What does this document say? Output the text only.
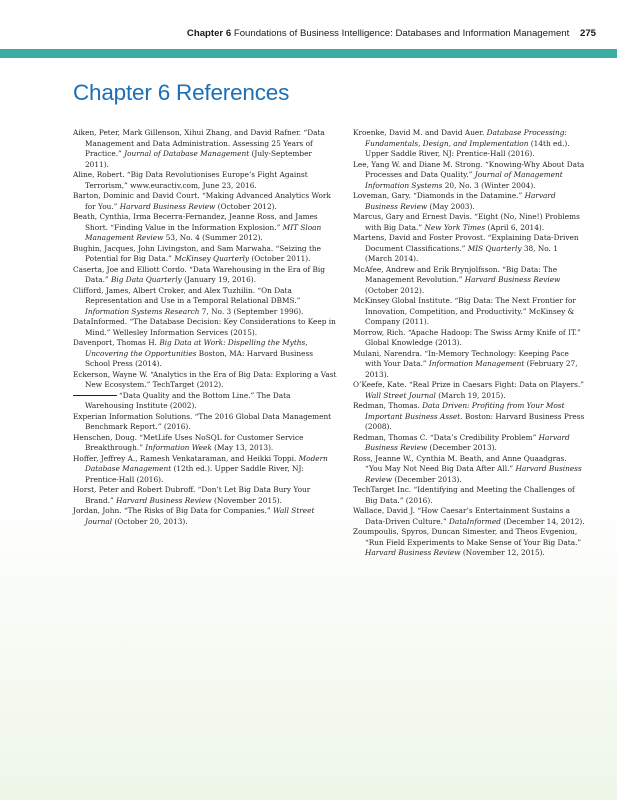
Chapter 6 Foundations of Business Intelligence: Databases and Information Management 275
Chapter 6 References

Aiken, Peter, Mark Gillenson, Xihui Zhang, and David Rafner. “Data Management and Data Administration. Assessing 25 Years of Practice.” Journal of Database Management (July-September 2011).

Aline, Robert. “Big Data Revolutionises Europe’s Fight Against Terrorism,” www.euractiv.com, June 23, 2016.

Barton, Dominic and David Court. “Making Advanced Analytics Work for You.” Harvard Business Review (October 2012).

Beath, Cynthia, Irma Becerra-Fernandez, Jeanne Ross, and James Short. “Finding Value in the Information Explosion.” MIT Sloan Management Review 53, No. 4 (Summer 2012).

Bughin, Jacques, John Livingston, and Sam Marwaha. “Seizing the Potential for Big Data.” McKinsey Quarterly (October 2011).

Caserta, Joe and Elliott Cordo. “Data Warehousing in the Era of Big Data.” Big Data Quarterly (January 19, 2016).

Clifford, James, Albert Croker, and Alex Tuzhilin. “On Data Representation and Use in a Temporal Relational DBMS.” Information Systems Research 7, No. 3 (September 1996).

DataInformed. “The Database Decision: Key Considerations to Keep in Mind.” Wellesley Information Services (2015).

Davenport, Thomas H. Big Data at Work: Dispelling the Myths, Uncovering the Opportunities Boston, MA: Harvard Business School Press (2014).

Eckerson, Wayne W. “Analytics in the Era of Big Data: Exploring a Vast New Ecosystem.” TechTarget (2012).

“Data Quality and the Bottom Line.” The Data Warehousing Institute (2002).

Experian Information Solutions. “The 2016 Global Data Management Benchmark Report.” (2016).

Henschen, Doug. “MetLife Uses NoSQL for Customer Service Breakthrough.” Information Week (May 13, 2013).

Hoffer, Jeffrey A., Ramesh Venkataraman, and Heikki Toppi. Modern Database Management (12th ed.). Upper Saddle River, NJ: Prentice-Hall (2016).

Horst, Peter and Robert Dubroff. “Don’t Let Big Data Bury Your Brand.” Harvard Business Review (November 2015).

Jordan, John. “The Risks of Big Data for Companies.” Wall Street Journal (October 20, 2013).

Kroenke, David M. and David Auer. Database Processing: Fundamentals, Design, and Implementation (14th ed.). Upper Saddle River, NJ: Prentice-Hall (2016).

Lee, Yang W. and Diane M. Strong. “Knowing-Why About Data Processes and Data Quality.” Journal of Management Information Systems 20, No. 3 (Winter 2004).

Loveman, Gary. “Diamonds in the Datamine.” Harvard Business Review (May 2003).

Marcus, Gary and Ernest Davis. “Eight (No, Nine!) Problems with Big Data.” New York Times (April 6, 2014).

Martens, David and Foster Provost. “Explaining Data-Driven Document Classifications.” MIS Quarterly 38, No. 1 (March 2014).

McAfee, Andrew and Erik Brynjolfsson. “Big Data: The Management Revolution.” Harvard Business Review (October 2012).

McKinsey Global Institute. “Big Data: The Next Frontier for Innovation, Competition, and Productivity.” McKinsey & Company (2011).

Morrow, Rich. “Apache Hadoop: The Swiss Army Knife of IT.” Global Knowledge (2013).

Mulani, Narendra. “In-Memory Technology: Keeping Pace with Your Data.” Information Management (February 27, 2013).

O’Keefe, Kate. “Real Prize in Caesars Fight: Data on Players.” Wall Street Journal (March 19, 2015).

Redman, Thomas. Data Driven: Profiting from Your Most Important Business Asset. Boston: Harvard Business Press (2008).

Redman, Thomas C. “Data’s Credibility Problem” Harvard Business Review (December 2013).

Ross, Jeanne W., Cynthia M. Beath, and Anne Quaadgras. “You May Not Need Big Data After All.” Harvard Business Review (December 2013).

TechTarget Inc. “Identifying and Meeting the Challenges of Big Data.” (2016).

Wallace, David J. “How Caesar’s Entertainment Sustains a Data-Driven Culture.” DataInformed (December 14, 2012).

Zoumpoulis, Spyros, Duncan Simester, and Theos Evgeniou, “Run Field Experiments to Make Sense of Your Big Data.” Harvard Business Review (November 12, 2015).
